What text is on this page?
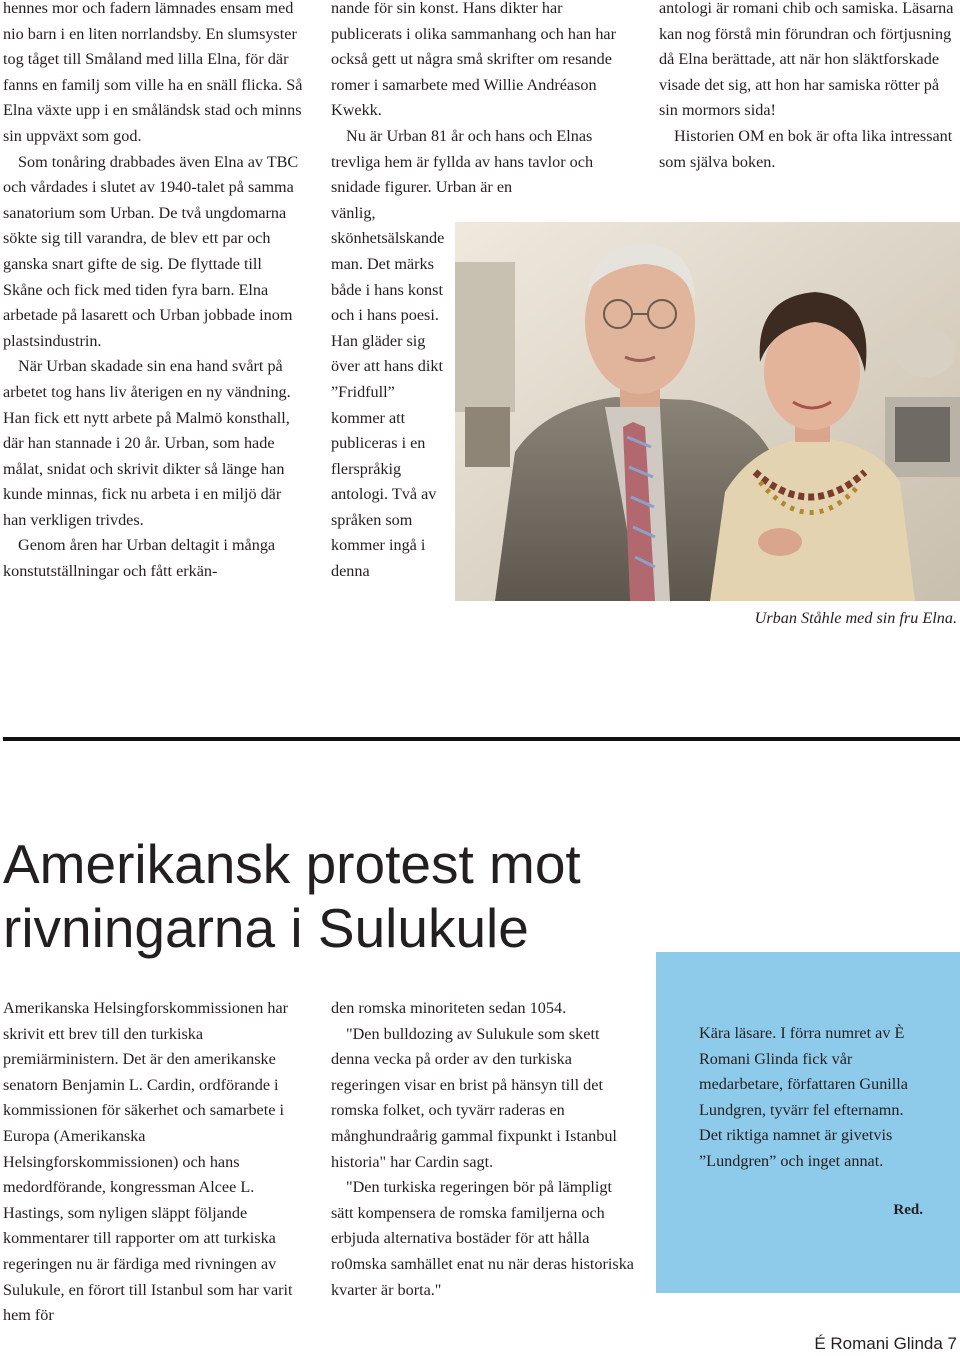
hennes mor och fadern lämnades ensam med nio barn i en liten norrlandsby. En slumsyster tog tåget till Småland med lilla Elna, för där fanns en familj som ville ha en snäll flicka. Så Elna växte upp i en småländsk stad och minns sin uppväxt som god.

Som tonåring drabbades även Elna av TBC och vårdades i slutet av 1940-talet på samma sanatorium som Urban. De två ungdomarna sökte sig till varandra, de blev ett par och ganska snart gifte de sig. De flyttade till Skåne och fick med tiden fyra barn. Elna arbetade på lasarett och Urban jobbade inom plastsindustrin.

När Urban skadade sin ena hand svårt på arbetet tog hans liv återigen en ny vändning. Han fick ett nytt arbete på Malmö konsthall, där han stannade i 20 år. Urban, som hade målat, snidat och skrivit dikter så länge han kunde minnas, fick nu arbeta i en miljö där han verkligen trivdes.

Genom åren har Urban deltagit i många konstutställningar och fått erkän-

nande för sin konst. Hans dikter har publicerats i olika sammanhang och han har också gett ut några små skrifter om resande romer i samarbete med Willie Andréason Kwekk.

Nu är Urban 81 år och hans och Elnas trevliga hem är fyllda av hans tavlor och snidade figurer. Urban är en

vänlig, skönhetsälskande man. Det märks både i hans konst och i hans poesi. Han gläder sig över att hans dikt ”Fridfull” kommer att publiceras i en flerspråkig antologi. Två av språken som kommer ingå i denna

antologi är romani chib och samiska. Läsarna kan nog förstå min förundran och förtjusning då Elna berättade, att när hon släktforskade visade det sig, att hon har samiska rötter på sin mormors sida!

Historien OM en bok är ofta lika intressant som själva boken.

Urban Ståhle med sin fru Elna.
Amerikansk protest mot rivningarna i Sulukule

Amerikanska Helsingforskommissionen har skrivit ett brev till den turkiska premiärministern. Det är den amerikanske senatorn Benjamin L. Cardin, ordförande i kommissionen för säkerhet och samarbete i Europa (Amerikanska Helsingforskommissionen) och hans medordförande, kongressman Alcee L. Hastings, som nyligen släppt följande kommentarer till rapporter om att turkiska regeringen nu är färdiga med rivningen av Sulukule, en förort till Istanbul som har varit hem för

den romska minoriteten sedan 1054.

"Den bulldozing av Sulukule som skett denna vecka på order av den turkiska regeringen visar en brist på hänsyn till det romska folket, och tyvärr raderas en månghundraårig gammal fixpunkt i Istanbul historia" har Cardin sagt.

"Den turkiska regeringen bör på lämpligt sätt kompensera de romska familjerna och erbjuda alternativa bostäder för att hålla ro0mska samhället enat nu när deras historiska kvarter är borta."

Kära läsare. I förra numret av È Romani Glinda fick vår medarbetare, författaren Gunilla Lundgren, tyvärr fel efternamn. Det riktiga namnet är givetvis ”Lundgren” och inget annat.
Red.
É Romani Glinda 7
